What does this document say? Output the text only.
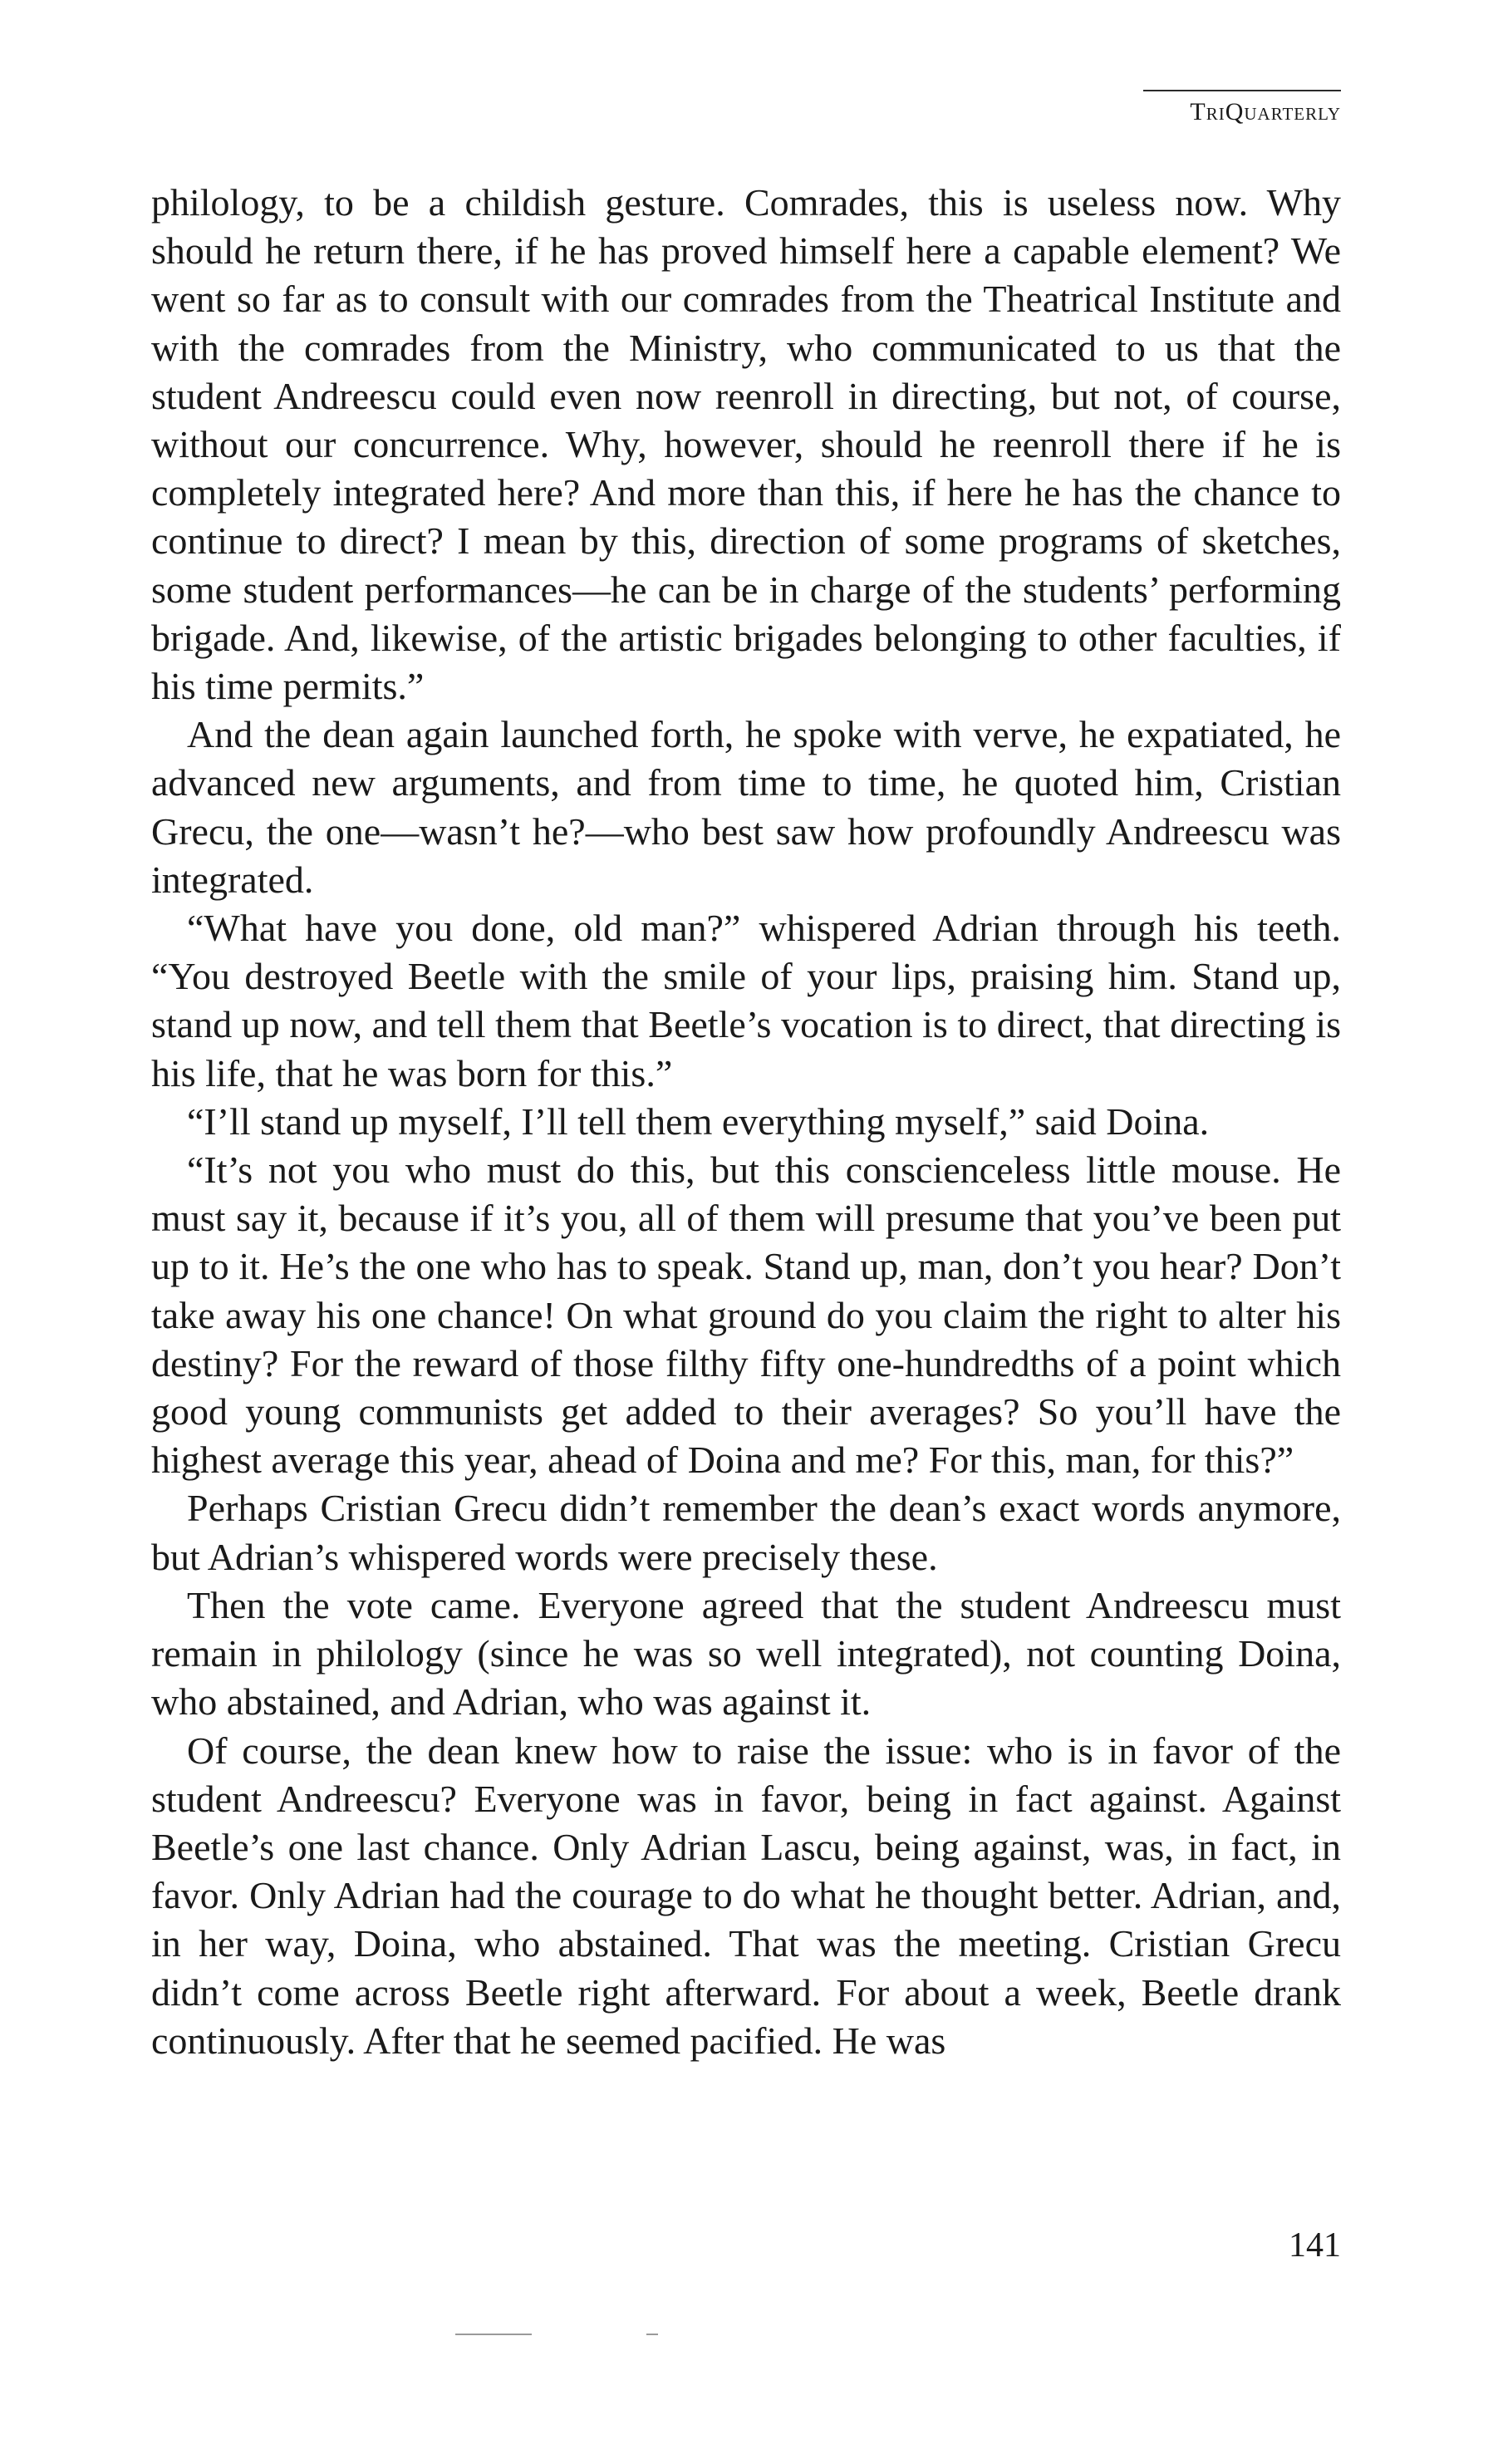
TriQuarterly

philology, to be a childish gesture. Comrades, this is useless now. Why should he return there, if he has proved himself here a capable element? We went so far as to consult with our comrades from the Theatrical Institute and with the comrades from the Ministry, who communicated to us that the student Andreescu could even now reenroll in directing, but not, of course, without our concurrence. Why, however, should he reenroll there if he is completely integrated here? And more than this, if here he has the chance to continue to direct? I mean by this, direction of some programs of sketches, some student performances—he can be in charge of the students’ performing brigade. And, likewise, of the artistic brigades belonging to other faculties, if his time permits.”

And the dean again launched forth, he spoke with verve, he expatiated, he advanced new arguments, and from time to time, he quoted him, Cristian Grecu, the one—wasn’t he?—who best saw how profoundly Andreescu was integrated.

“What have you done, old man?” whispered Adrian through his teeth. “You destroyed Beetle with the smile of your lips, praising him. Stand up, stand up now, and tell them that Beetle’s vocation is to direct, that directing is his life, that he was born for this.”

“I’ll stand up myself, I’ll tell them everything myself,” said Doina.

“It’s not you who must do this, but this conscienceless little mouse. He must say it, because if it’s you, all of them will presume that you’ve been put up to it. He’s the one who has to speak. Stand up, man, don’t you hear? Don’t take away his one chance! On what ground do you claim the right to alter his destiny? For the reward of those filthy fifty one-hundredths of a point which good young communists get added to their averages? So you’ll have the highest average this year, ahead of Doina and me? For this, man, for this?”

Perhaps Cristian Grecu didn’t remember the dean’s exact words anymore, but Adrian’s whispered words were precisely these.

Then the vote came. Everyone agreed that the student Andreescu must remain in philology (since he was so well integrated), not counting Doina, who abstained, and Adrian, who was against it.

Of course, the dean knew how to raise the issue: who is in favor of the student Andreescu? Everyone was in favor, being in fact against. Against Beetle’s one last chance. Only Adrian Lascu, being against, was, in fact, in favor. Only Adrian had the courage to do what he thought better. Adrian, and, in her way, Doina, who abstained. That was the meeting. Cristian Grecu didn’t come across Beetle right afterward. For about a week, Beetle drank continuously. After that he seemed pacified. He was

141
